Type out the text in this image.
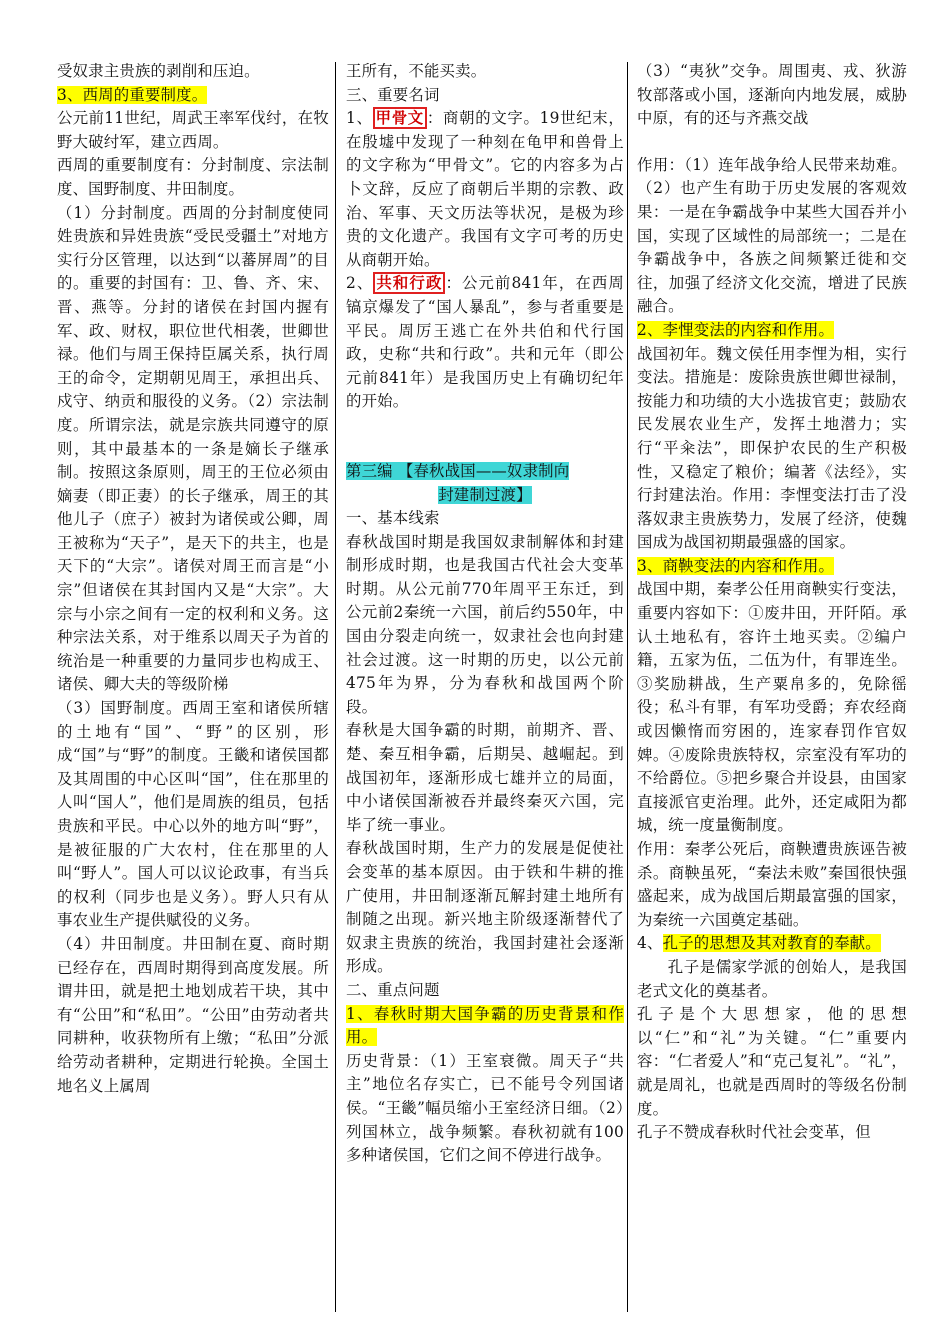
受奴隶主贵族的剥削和压迫。

3、西周的重要制度。

公元前11世纪，周武王率军伐纣，在牧野大破纣军，建立西周。

西周的重要制度有：分封制度、宗法制度、国野制度、井田制度。

（1）分封制度。西周的分封制度使同姓贵族和异姓贵族“受民受疆土”对地方实行分区管理，以达到“以蕃屏周”的目的。重要的封国有：卫、鲁、齐、宋、晋、燕等。分封的诸侯在封国内握有军、政、财权，职位世代相袭，世卿世禄。他们与周王保持臣属关系，执行周王的命令，定期朝见周王，承担出兵、戍守、纳贡和服役的义务。（2）宗法制度。所谓宗法，就是宗族共同遵守的原则，其中最基本的一条是嫡长子继承制。按照这条原则，周王的王位必须由嫡妻（即正妻）的长子继承，周王的其他儿子（庶子）被封为诸侯或公卿，周王被称为“天子”，是天下的共主，也是天下的“大宗”。诸侯对周王而言是“小宗”但诸侯在其封国内又是“大宗”。大宗与小宗之间有一定的权利和义务。这种宗法关系，对于维系以周天子为首的统治是一种重要的力量同步也构成王、诸侯、卿大夫的等级阶梯

（3）国野制度。西周王室和诸侯所辖的土地有“国”、“野”的区别，形成“国”与“野”的制度。王畿和诸侯国都及其周围的中心区叫“国”，住在那里的人叫“国人”，他们是周族的组员，包括贵族和平民。中心以外的地方叫“野”，是被征服的广大农村，住在那里的人叫“野人”。国人可以议论政事，有当兵的权利（同步也是义务）。野人只有从事农业生产提供赋役的义务。

（4）井田制度。井田制在夏、商时期已经存在，西周时期得到高度发展。所谓井田，就是把土地划成若干块，其中有“公田”和“私田”。“公田”由劳动者共同耕种，收获物所有上缴；“私田”分派给劳动者耕种，定期进行轮换。全国土地名义上属周

王所有，不能买卖。

三、重要名词

1、 甲骨文 ：商朝的文字。19世纪末，在殷墟中发现了一种刻在龟甲和兽骨上的文字称为“甲骨文”。它的内容多为占卜文辞，反应了商朝后半期的宗教、政治、军事、天文历法等状况，是极为珍贵的文化遗产。我国有文字可考的历史从商朝开始。

2、 共和行政 ：公元前841年，在西周镐京爆发了“国人暴乱”，参与者重要是平民。周厉王逃亡在外共伯和代行国政，史称“共和行政”。共和元年（即公元前841年）是我国历史上有确切纪年的开始。

第三编 【春秋战国——奴隶制向

封建制过渡】

一、基本线索

春秋战国时期是我国奴隶制解体和封建制形成时期，也是我国古代社会大变革时期。从公元前770年周平王东迁，到公元前2秦统一六国，前后约550年，中国由分裂走向统一，奴隶社会也向封建社会过渡。这一时期的历史，以公元前475年为界，分为春秋和战国两个阶段。

春秋是大国争霸的时期，前期齐、晋、楚、秦互相争霸，后期吴、越崛起。到战国初年，逐渐形成七雄并立的局面，中小诸侯国渐被吞并最终秦灭六国，完毕了统一事业。

春秋战国时期，生产力的发展是促使社会变革的基本原因。由于铁和牛耕的推广使用，井田制逐渐瓦解封建土地所有制随之出现。新兴地主阶级逐渐替代了奴隶主贵族的统治，我国封建社会逐渐形成。

二、重点问题

1、春秋时期大国争霸的历史背景和作用。

历史背景：（1）王室衰微。周天子“共主”地位名存实亡，已不能号令列国诸侯。“王畿”幅员缩小王室经济日细。（2）列国林立，战争频繁。春秋初就有100多种诸侯国，它们之间不停进行战争。

（3）“夷狄”交争。周围夷、戎、狄游牧部落或小国，逐渐向内地发展，威胁中原，有的还与齐燕交战

作用：（1）连年战争给人民带来劫难。（2）也产生有助于历史发展的客观效果：一是在争霸战争中某些大国吞并小国，实现了区域性的局部统一；二是在争霸战争中，各族之间频繁迁徙和交往，加强了经济文化交流，增进了民族融合。

2、李悝变法的内容和作用。

战国初年。魏文侯任用李悝为相，实行变法。措施是：废除贵族世卿世禄制，按能力和功绩的大小选拔官吏；鼓励农民发展农业生产，发挥土地潜力；实行“平籴法”，即保护农民的生产积极性，又稳定了粮价；编著《法经》，实行封建法治。作用：李悝变法打击了没落奴隶主贵族势力，发展了经济，使魏国成为战国初期最强盛的国家。

3、商鞅变法的内容和作用。

战国中期，秦孝公任用商鞅实行变法，重要内容如下：①废井田，开阡陌。承认土地私有，容许土地买卖。②编户籍，五家为伍，二伍为什，有罪连坐。③奖励耕战，生产粟帛多的，免除徭役；私斗有罪，有军功受爵；弃农经商或因懒惰而穷困的，连家春罚作官奴婢。④废除贵族特权，宗室没有军功的不给爵位。⑤把乡聚合并设县，由国家直接派官吏治理。此外，还定咸阳为都城，统一度量衡制度。

作用：秦孝公死后，商鞅遭贵族诬告被杀。商鞅虽死，“秦法未败”秦国很快强盛起来，成为战国后期最富强的国家，为秦统一六国奠定基础。

4、孔子的思想及其对教育的奉献。

孔子是儒家学派的创始人，是我国老式文化的奠基者。

孔子是个大思想家，他的思想以“仁”和“礼”为关键。“仁”重要内容：“仁者爱人”和“克己复礼”。“礼”，就是周礼，也就是西周时的等级名份制度。

孔子不赞成春秋时代社会变革，但
